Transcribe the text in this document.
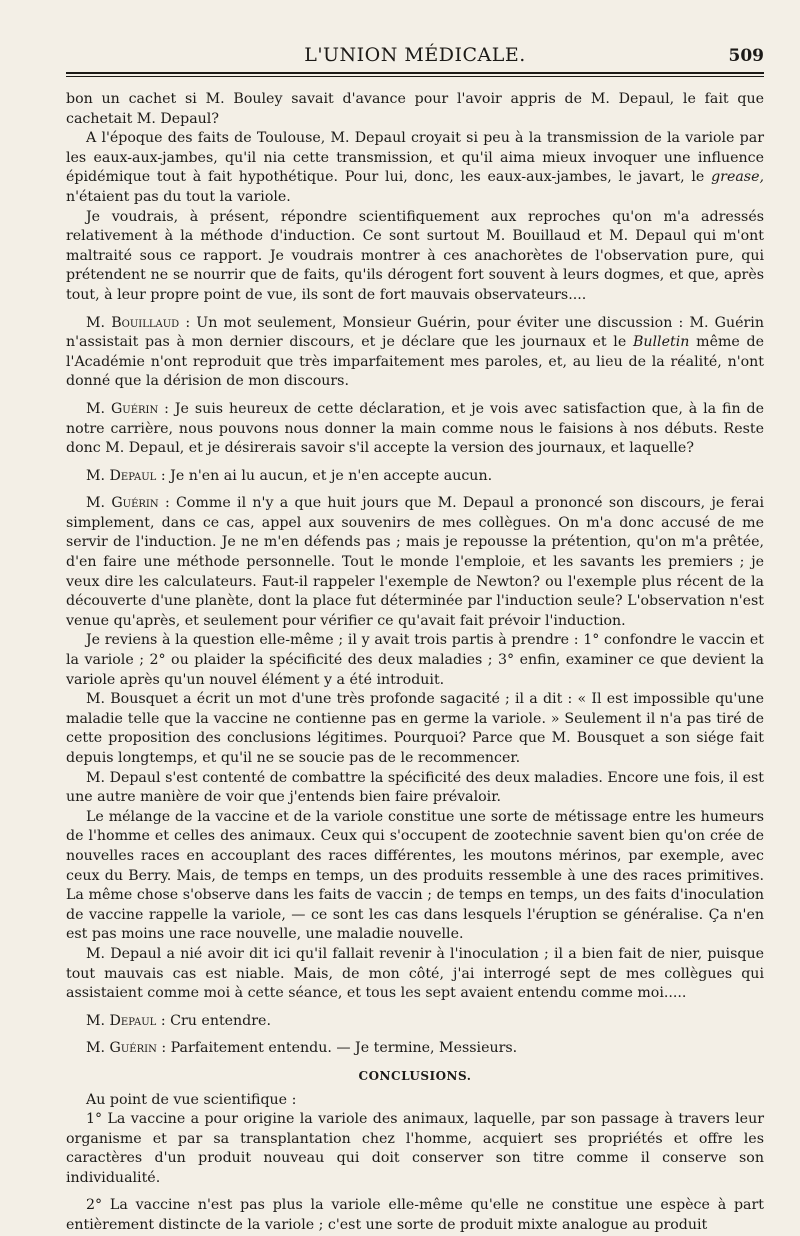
L'UNION MÉDICALE.	509

bon un cachet si M. Bouley savait d'avance pour l'avoir appris de M. Depaul, le fait que cachetait M. Depaul?

A l'époque des faits de Toulouse, M. Depaul croyait si peu à la transmission de la variole par les eaux-aux-jambes, qu'il nia cette transmission, et qu'il aima mieux invoquer une influence épidémique tout à fait hypothétique. Pour lui, donc, les eaux-aux-jambes, le javart, le grease, n'étaient pas du tout la variole.

Je voudrais, à présent, répondre scientifiquement aux reproches qu'on m'a adressés relativement à la méthode d'induction. Ce sont surtout M. Bouillaud et M. Depaul qui m'ont maltraité sous ce rapport. Je voudrais montrer à ces anachorètes de l'observation pure, qui prétendent ne se nourrir que de faits, qu'ils dérogent fort souvent à leurs dogmes, et que, après tout, à leur propre point de vue, ils sont de fort mauvais observateurs....

M. Bouillaud : Un mot seulement, Monsieur Guérin, pour éviter une discussion : M. Guérin n'assistait pas à mon dernier discours, et je déclare que les journaux et le Bulletin même de l'Académie n'ont reproduit que très imparfaitement mes paroles, et, au lieu de la réalité, n'ont donné que la dérision de mon discours.

M. Guérin : Je suis heureux de cette déclaration, et je vois avec satisfaction que, à la fin de notre carrière, nous pouvons nous donner la main comme nous le faisions à nos débuts. Reste donc M. Depaul, et je désirerais savoir s'il accepte la version des journaux, et laquelle?

M. Depaul : Je n'en ai lu aucun, et je n'en accepte aucun.

M. Guérin : Comme il n'y a que huit jours que M. Depaul a prononcé son discours, je ferai simplement, dans ce cas, appel aux souvenirs de mes collègues. On m'a donc accusé de me servir de l'induction. Je ne m'en défends pas ; mais je repousse la prétention, qu'on m'a prêtée, d'en faire une méthode personnelle. Tout le monde l'emploie, et les savants les premiers ; je veux dire les calculateurs. Faut-il rappeler l'exemple de Newton? ou l'exemple plus récent de la découverte d'une planète, dont la place fut déterminée par l'induction seule? L'observation n'est venue qu'après, et seulement pour vérifier ce qu'avait fait prévoir l'induction.

Je reviens à la question elle-même ; il y avait trois partis à prendre : 1° confondre le vaccin et la variole ; 2° ou plaider la spécificité des deux maladies ; 3° enfin, examiner ce que devient la variole après qu'un nouvel élément y a été introduit.

M. Bousquet a écrit un mot d'une très profonde sagacité ; il a dit : « Il est impossible qu'une maladie telle que la vaccine ne contienne pas en germe la variole. » Seulement il n'a pas tiré de cette proposition des conclusions légitimes. Pourquoi? Parce que M. Bousquet a son siége fait depuis longtemps, et qu'il ne se soucie pas de le recommencer.

M. Depaul s'est contenté de combattre la spécificité des deux maladies. Encore une fois, il est une autre manière de voir que j'entends bien faire prévaloir.

Le mélange de la vaccine et de la variole constitue une sorte de métissage entre les humeurs de l'homme et celles des animaux. Ceux qui s'occupent de zootechnie savent bien qu'on crée de nouvelles races en accouplant des races différentes, les moutons mérinos, par exemple, avec ceux du Berry. Mais, de temps en temps, un des produits ressemble à une des races primitives. La même chose s'observe dans les faits de vaccin ; de temps en temps, un des faits d'inoculation de vaccine rappelle la variole, — ce sont les cas dans lesquels l'éruption se généralise. Ça n'en est pas moins une race nouvelle, une maladie nouvelle.

M. Depaul a nié avoir dit ici qu'il fallait revenir à l'inoculation ; il a bien fait de nier, puisque tout mauvais cas est niable. Mais, de mon côté, j'ai interrogé sept de mes collègues qui assistaient comme moi à cette séance, et tous les sept avaient entendu comme moi.....

M. Depaul : Cru entendre.

M. Guérin : Parfaitement entendu. — Je termine, Messieurs.

CONCLUSIONS.

Au point de vue scientifique :

1° La vaccine a pour origine la variole des animaux, laquelle, par son passage à travers leur organisme et par sa transplantation chez l'homme, acquiert ses propriétés et offre les caractères d'un produit nouveau qui doit conserver son titre comme il conserve son individualité.

2° La vaccine n'est pas plus la variole elle-même qu'elle ne constitue une espèce à part entièrement distincte de la variole ; c'est une sorte de produit mixte analogue au produit
